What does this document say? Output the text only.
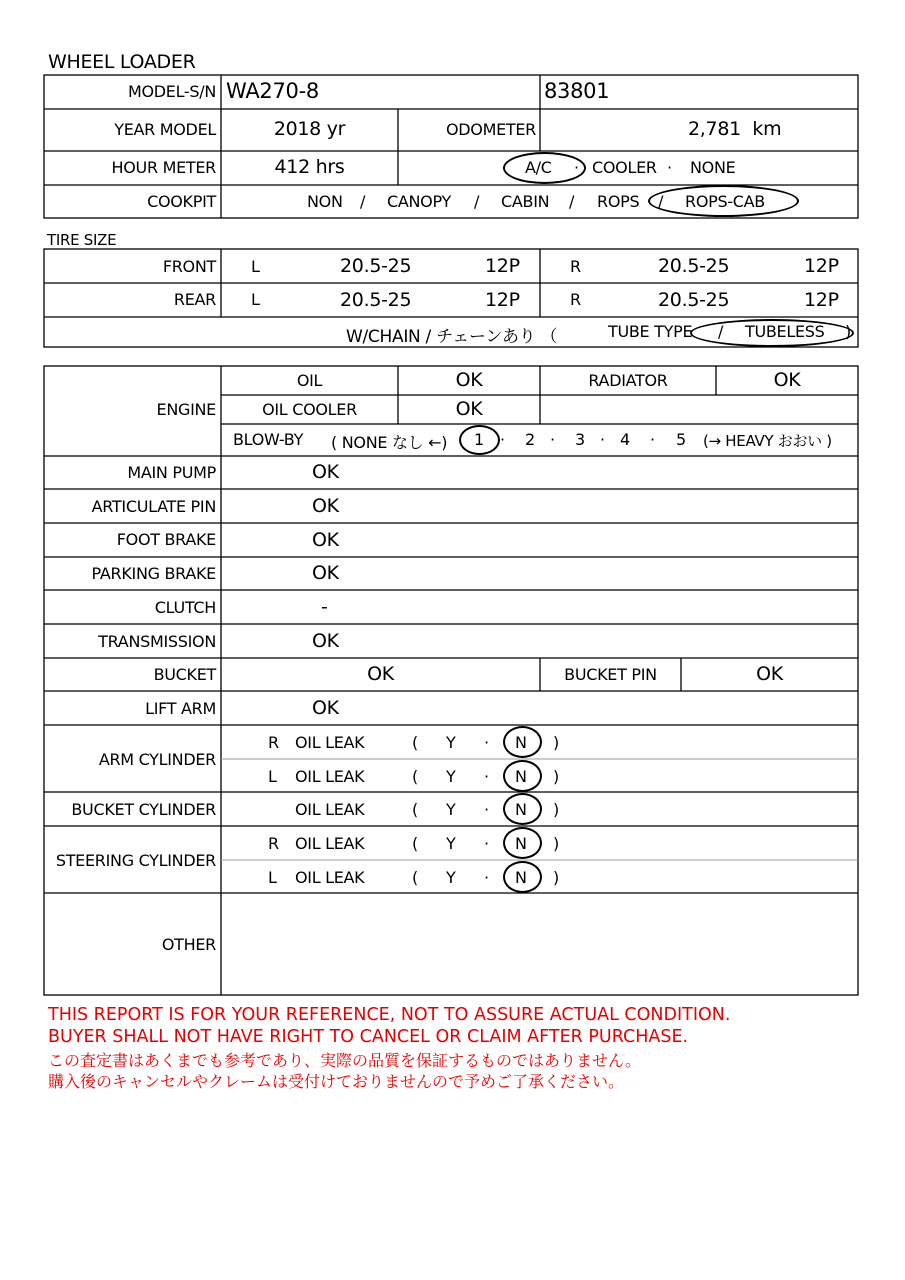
WHEEL LOADER
MODEL-S/N WA270-8	83801
YEAR MODEL	2018 yr	ODOMETER	2,781  km
HOUR METER	412 hrs	A/C · COOLER · NONE
COOKPIT	NON / CANOPY / CABIN / ROPS / ROPS-CAB
TIRE SIZE
FRONT L	20.5-25	12P	R	20.5-25	12P
REAR L	20.5-25	12P	R	20.5-25	12P
W/CHAIN / チェーンあり （	TUBE TYPE / TUBELESS )
ENGINE
OIL	OK	RADIATOR	OK
OIL COOLER	OK
BLOW-BY ( NONE なし ←) 1 · 2 · 3 · 4 · 5 (→ HEAVY おおい )
MAIN PUMP	OK
ARTICULATE PIN	OK
FOOT BRAKE	OK
PARKING BRAKE	OK
CLUTCH	-
TRANSMISSION	OK
BUCKET	OK	BUCKET PIN	OK
LIFT ARM	OK
ARM CYLINDER
R OIL LEAK	( Y · N )
L OIL LEAK	( Y · N )
BUCKET CYLINDER	OIL LEAK	( Y · N )
STEERING CYLINDER
R OIL LEAK	( Y · N )
L OIL LEAK	( Y · N )
OTHER
THIS REPORT IS FOR YOUR REFERENCE, NOT TO ASSURE ACTUAL CONDITION.
BUYER SHALL NOT HAVE RIGHT TO CANCEL OR CLAIM AFTER PURCHASE.
この査定書はあくまでも参考であり、実際の品質を保証するものではありません。
購入後のキャンセルやクレームは受付けておりませんので予めご了承ください。
